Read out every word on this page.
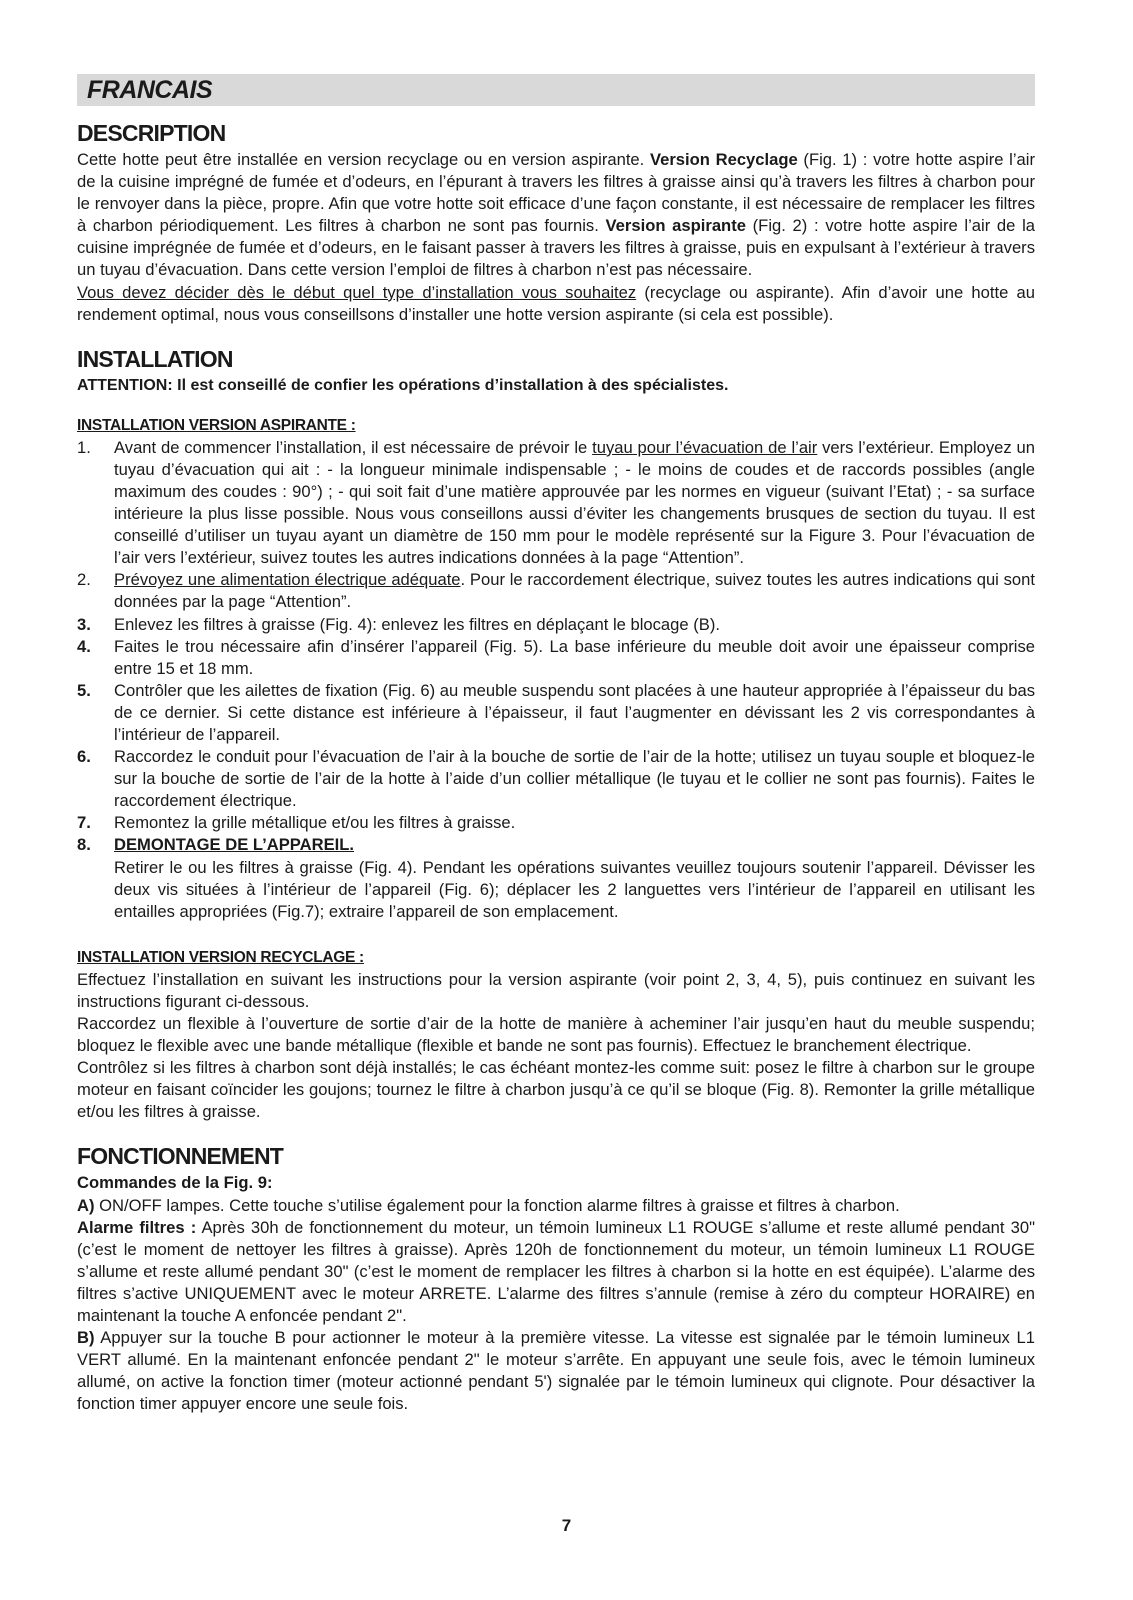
FRANCAIS
DESCRIPTION

Cette hotte peut être installée en version recyclage ou en version aspirante. Version Recyclage (Fig. 1) : votre hotte aspire l’air de la cuisine imprégné de fumée et d’odeurs, en l’épurant à travers les filtres à graisse ainsi qu’à travers les filtres à charbon pour le renvoyer dans la pièce, propre. Afin que votre hotte soit efficace d’une façon constante, il est nécessaire de remplacer les filtres à charbon périodiquement. Les filtres à charbon ne sont pas fournis. Version aspirante (Fig. 2) : votre hotte aspire l’air de la cuisine imprégnée de fumée et d’odeurs, en le faisant passer à travers les filtres à graisse, puis en expulsant à l’extérieur à travers un tuyau d’évacuation. Dans cette version l’emploi de filtres à charbon n’est pas nécessaire.

Vous devez décider dès le début quel type d’installation vous souhaitez (recyclage ou aspirante). Afin d’avoir une hotte au rendement optimal, nous vous conseillsons d’installer une hotte version aspirante (si cela est possible).

INSTALLATION

ATTENTION: Il est conseillé de confier les opérations d’installation à des spécialistes.

INSTALLATION VERSION ASPIRANTE :
1.	Avant de commencer l’installation, il est nécessaire de prévoir le tuyau pour l’évacuation de l’air vers l’extérieur. Employez un tuyau d’évacuation qui ait : - la longueur minimale indispensable ; - le moins de coudes et de raccords possibles (angle maximum des coudes : 90°) ; - qui soit fait d’une matière approuvée par les normes en vigueur (suivant l’Etat) ; - sa surface intérieure la plus lisse possible. Nous vous conseillons aussi d’éviter les changements brusques de section du tuyau. Il est conseillé d’utiliser un tuyau ayant un diamètre de 150 mm pour le modèle représenté sur la Figure 3. Pour l’évacuation de l’air vers l’extérieur, suivez toutes les autres indications données à la page “Attention”.

2.	Prévoyez une alimentation électrique adéquate. Pour le raccordement électrique, suivez toutes les autres indications qui sont données par la page “Attention”.

3.	Enlevez les filtres à graisse (Fig. 4): enlevez les filtres en déplaçant le blocage (B).

4.	Faites le trou nécessaire afin d’insérer l’appareil (Fig. 5). La base inférieure du meuble doit avoir une épaisseur comprise entre 15 et 18 mm.

5.	Contrôler que les ailettes de fixation (Fig. 6) au meuble suspendu sont placées à une hauteur appropriée à l’épaisseur du bas de ce dernier. Si cette distance est inférieure à l’épaisseur, il faut l’augmenter en dévissant les 2 vis correspondantes à l’intérieur de l’appareil.

6.	Raccordez le conduit pour l’évacuation de l’air à la bouche de sortie de l’air de la hotte; utilisez un tuyau souple et bloquez-le sur la bouche de sortie de l’air de la hotte à l’aide d’un collier métallique (le tuyau et le collier ne sont pas fournis). Faites le raccordement électrique.

7.	Remontez la grille métallique et/ou les filtres à graisse.

8.	DEMONTAGE DE L’APPAREIL.

Retirer le ou les filtres à graisse (Fig. 4). Pendant les opérations suivantes veuillez toujours soutenir l’appareil. Dévisser les deux vis situées à l’intérieur de l’appareil (Fig. 6); déplacer les 2 languettes vers l’intérieur de l’appareil en utilisant les entailles appropriées (Fig.7); extraire l’appareil de son emplacement.

INSTALLATION VERSION RECYCLAGE :

Effectuez l’installation en suivant les instructions pour la version aspirante (voir point 2, 3, 4, 5), puis continuez en suivant les instructions figurant ci-dessous.

Raccordez un flexible à l’ouverture de sortie d’air de la hotte de manière à acheminer l’air jusqu’en haut du meuble suspendu; bloquez le flexible avec une bande métallique (flexible et bande ne sont pas fournis). Effectuez le branchement électrique.

Contrôlez si les filtres à charbon sont déjà installés; le cas échéant montez-les comme suit: posez le filtre à charbon sur le groupe moteur en faisant coïncider les goujons; tournez le filtre à charbon jusqu’à ce qu’il se bloque (Fig. 8). Remonter la grille métallique et/ou les filtres à graisse.

FONCTIONNEMENT

Commandes de la Fig. 9:

A) ON/OFF lampes. Cette touche s’utilise également pour la fonction alarme filtres à graisse et filtres à charbon.

Alarme filtres : Après 30h de fonctionnement du moteur, un témoin lumineux L1 ROUGE s’allume et reste allumé pendant 30" (c’est le moment de nettoyer les filtres à graisse). Après 120h de fonctionnement du moteur, un témoin lumineux L1 ROUGE s’allume et reste allumé pendant 30" (c’est le moment de remplacer les filtres à charbon si la hotte en est équipée). L’alarme des filtres s’active UNIQUEMENT avec le moteur ARRETE. L’alarme des filtres s’annule (remise à zéro du compteur HORAIRE) en maintenant la touche A enfoncée pendant 2".

B) Appuyer sur la touche B pour actionner le moteur à la première vitesse. La vitesse est signalée par le témoin lumineux L1 VERT allumé. En la maintenant enfoncée pendant 2" le moteur s’arrête. En appuyant une seule fois, avec le témoin lumineux allumé, on active la fonction timer (moteur actionné pendant 5') signalée par le témoin lumineux qui clignote. Pour désactiver la fonction timer appuyer encore une seule fois.

7
